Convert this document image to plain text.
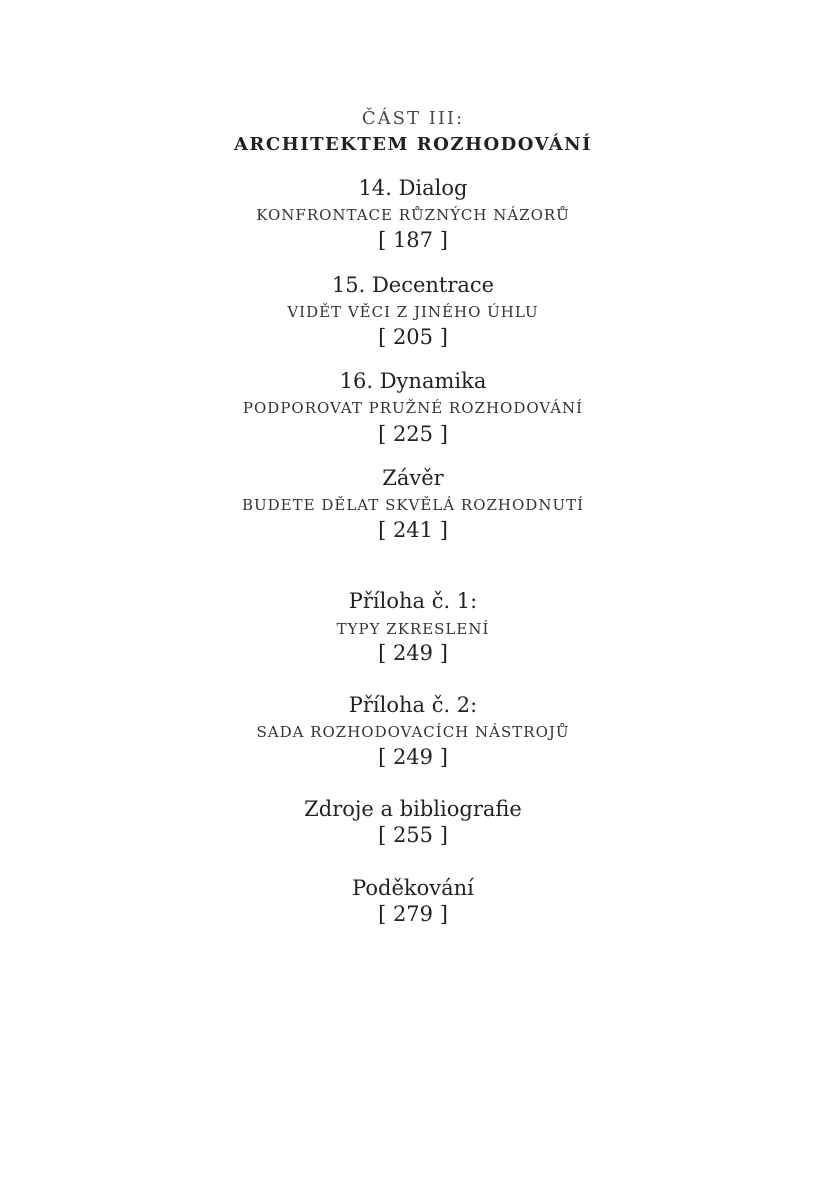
ČÁST III:
ARCHITEKTEM ROZHODOVÁNÍ
14. Dialog
KONFRONTACE RŮZNÝCH NÁZORŮ
[ 187 ]
15. Decentrace
VIDĚT VĚCI Z JINÉHO ÚHLU
[ 205 ]
16. Dynamika
PODPOROVAT PRUŽNÉ ROZHODOVÁNÍ
[ 225 ]
Závěr
BUDETE DĚLAT SKVĚLÁ ROZHODNUTÍ
[ 241 ]
Příloha č. 1:
TYPY ZKRESLENÍ
[ 249 ]
Příloha č. 2:
SADA ROZHODOVACÍCH NÁSTROJŮ
[ 249 ]
Zdroje a bibliografie
[ 255 ]
Poděkování
[ 279 ]
